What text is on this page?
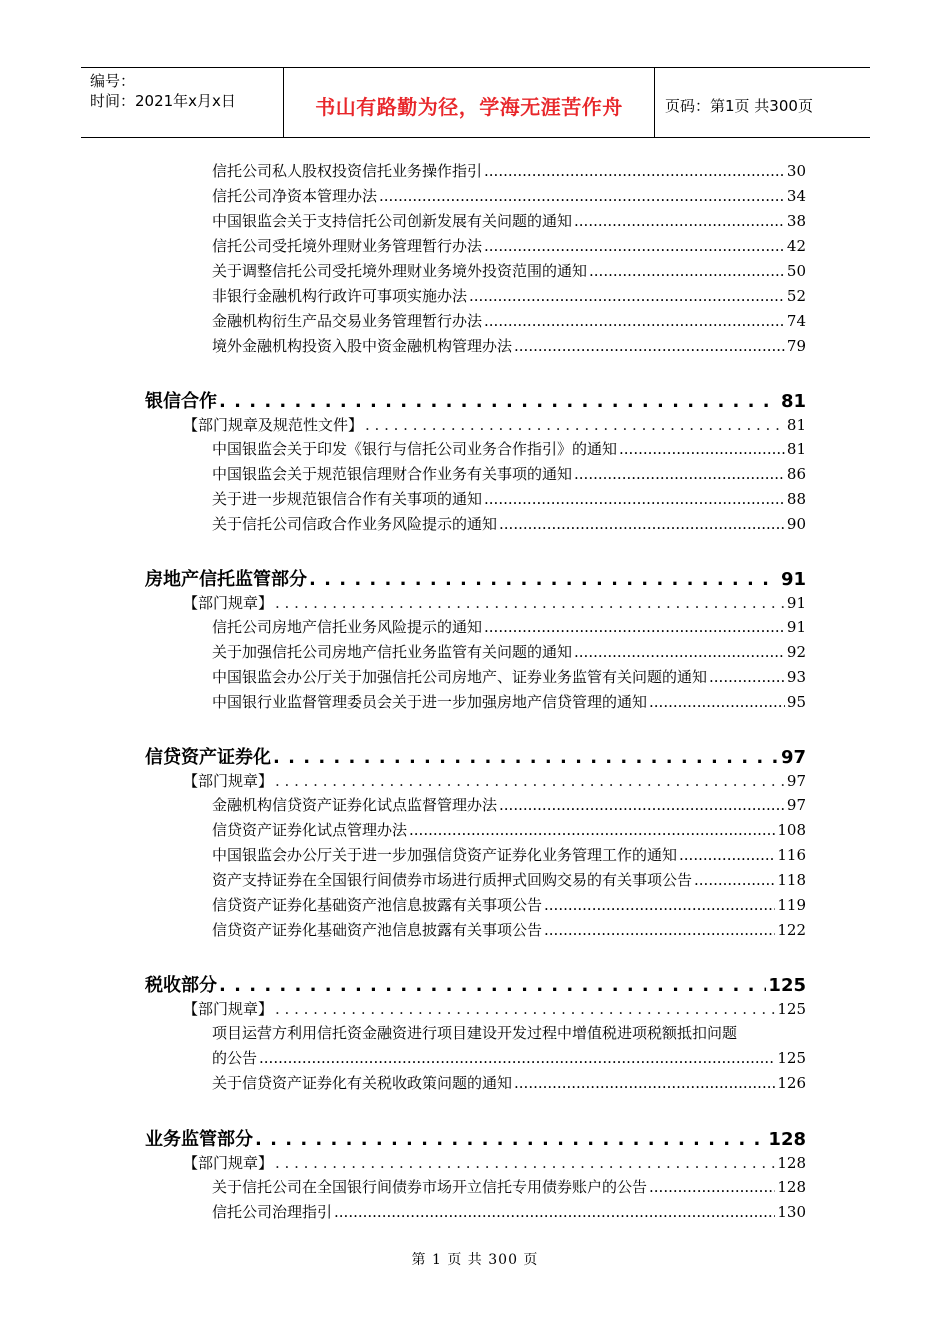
编号：
时间：2021年x月x日	书山有路勤为径，学海无涯苦作舟	页码：第1页 共300页
信托公司私人股权投资信托业务操作指引 .....	30
信托公司净资本管理办法 .....	34
中国银监会关于支持信托公司创新发展有关问题的通知 .....	38
信托公司受托境外理财业务管理暂行办法 .....	42
关于调整信托公司受托境外理财业务境外投资范围的通知 .....	50
非银行金融机构行政许可事项实施办法 .....	52
金融机构衍生产品交易业务管理暂行办法 .....	74
境外金融机构投资入股中资金融机构管理办法 .....	79
银信合作 . . .	81
【部门规章及规范性文件】 . . .	81
中国银监会关于印发《银行与信托公司业务合作指引》的通知 .....	81
中国银监会关于规范银信理财合作业务有关事项的通知 .....	86
关于进一步规范银信合作有关事项的通知 .....	88
关于信托公司信政合作业务风险提示的通知 .....	90
房地产信托监管部分 . . .	91
【部门规章】 . . .	91
信托公司房地产信托业务风险提示的通知 .....	91
关于加强信托公司房地产信托业务监管有关问题的通知 .....	92
中国银监会办公厅关于加强信托公司房地产、证券业务监管有关问题的通知 .....	93
中国银行业监督管理委员会关于进一步加强房地产信贷管理的通知 .....	95
信贷资产证券化 . . .	97
【部门规章】 . . .	97
金融机构信贷资产证券化试点监督管理办法 .....	97
信贷资产证券化试点管理办法 .....	108
中国银监会办公厅关于进一步加强信贷资产证券化业务管理工作的通知 .....	116
资产支持证券在全国银行间债券市场进行质押式回购交易的有关事项公告 .....	118
信贷资产证券化基础资产池信息披露有关事项公告 .....	119
信贷资产证券化基础资产池信息披露有关事项公告 .....	122
税收部分 . . .	125
【部门规章】 . . .	125
项目运营方利用信托资金融资进行项目建设开发过程中增值税进项税额抵扣问题
的公告 .....	125
关于信贷资产证券化有关税收政策问题的通知 .....	126
业务监管部分 . . .	128
【部门规章】 . . .	128
关于信托公司在全国银行间债券市场开立信托专用债券账户的公告 .....	128
信托公司治理指引 .....	130
第 1 页 共 300 页
